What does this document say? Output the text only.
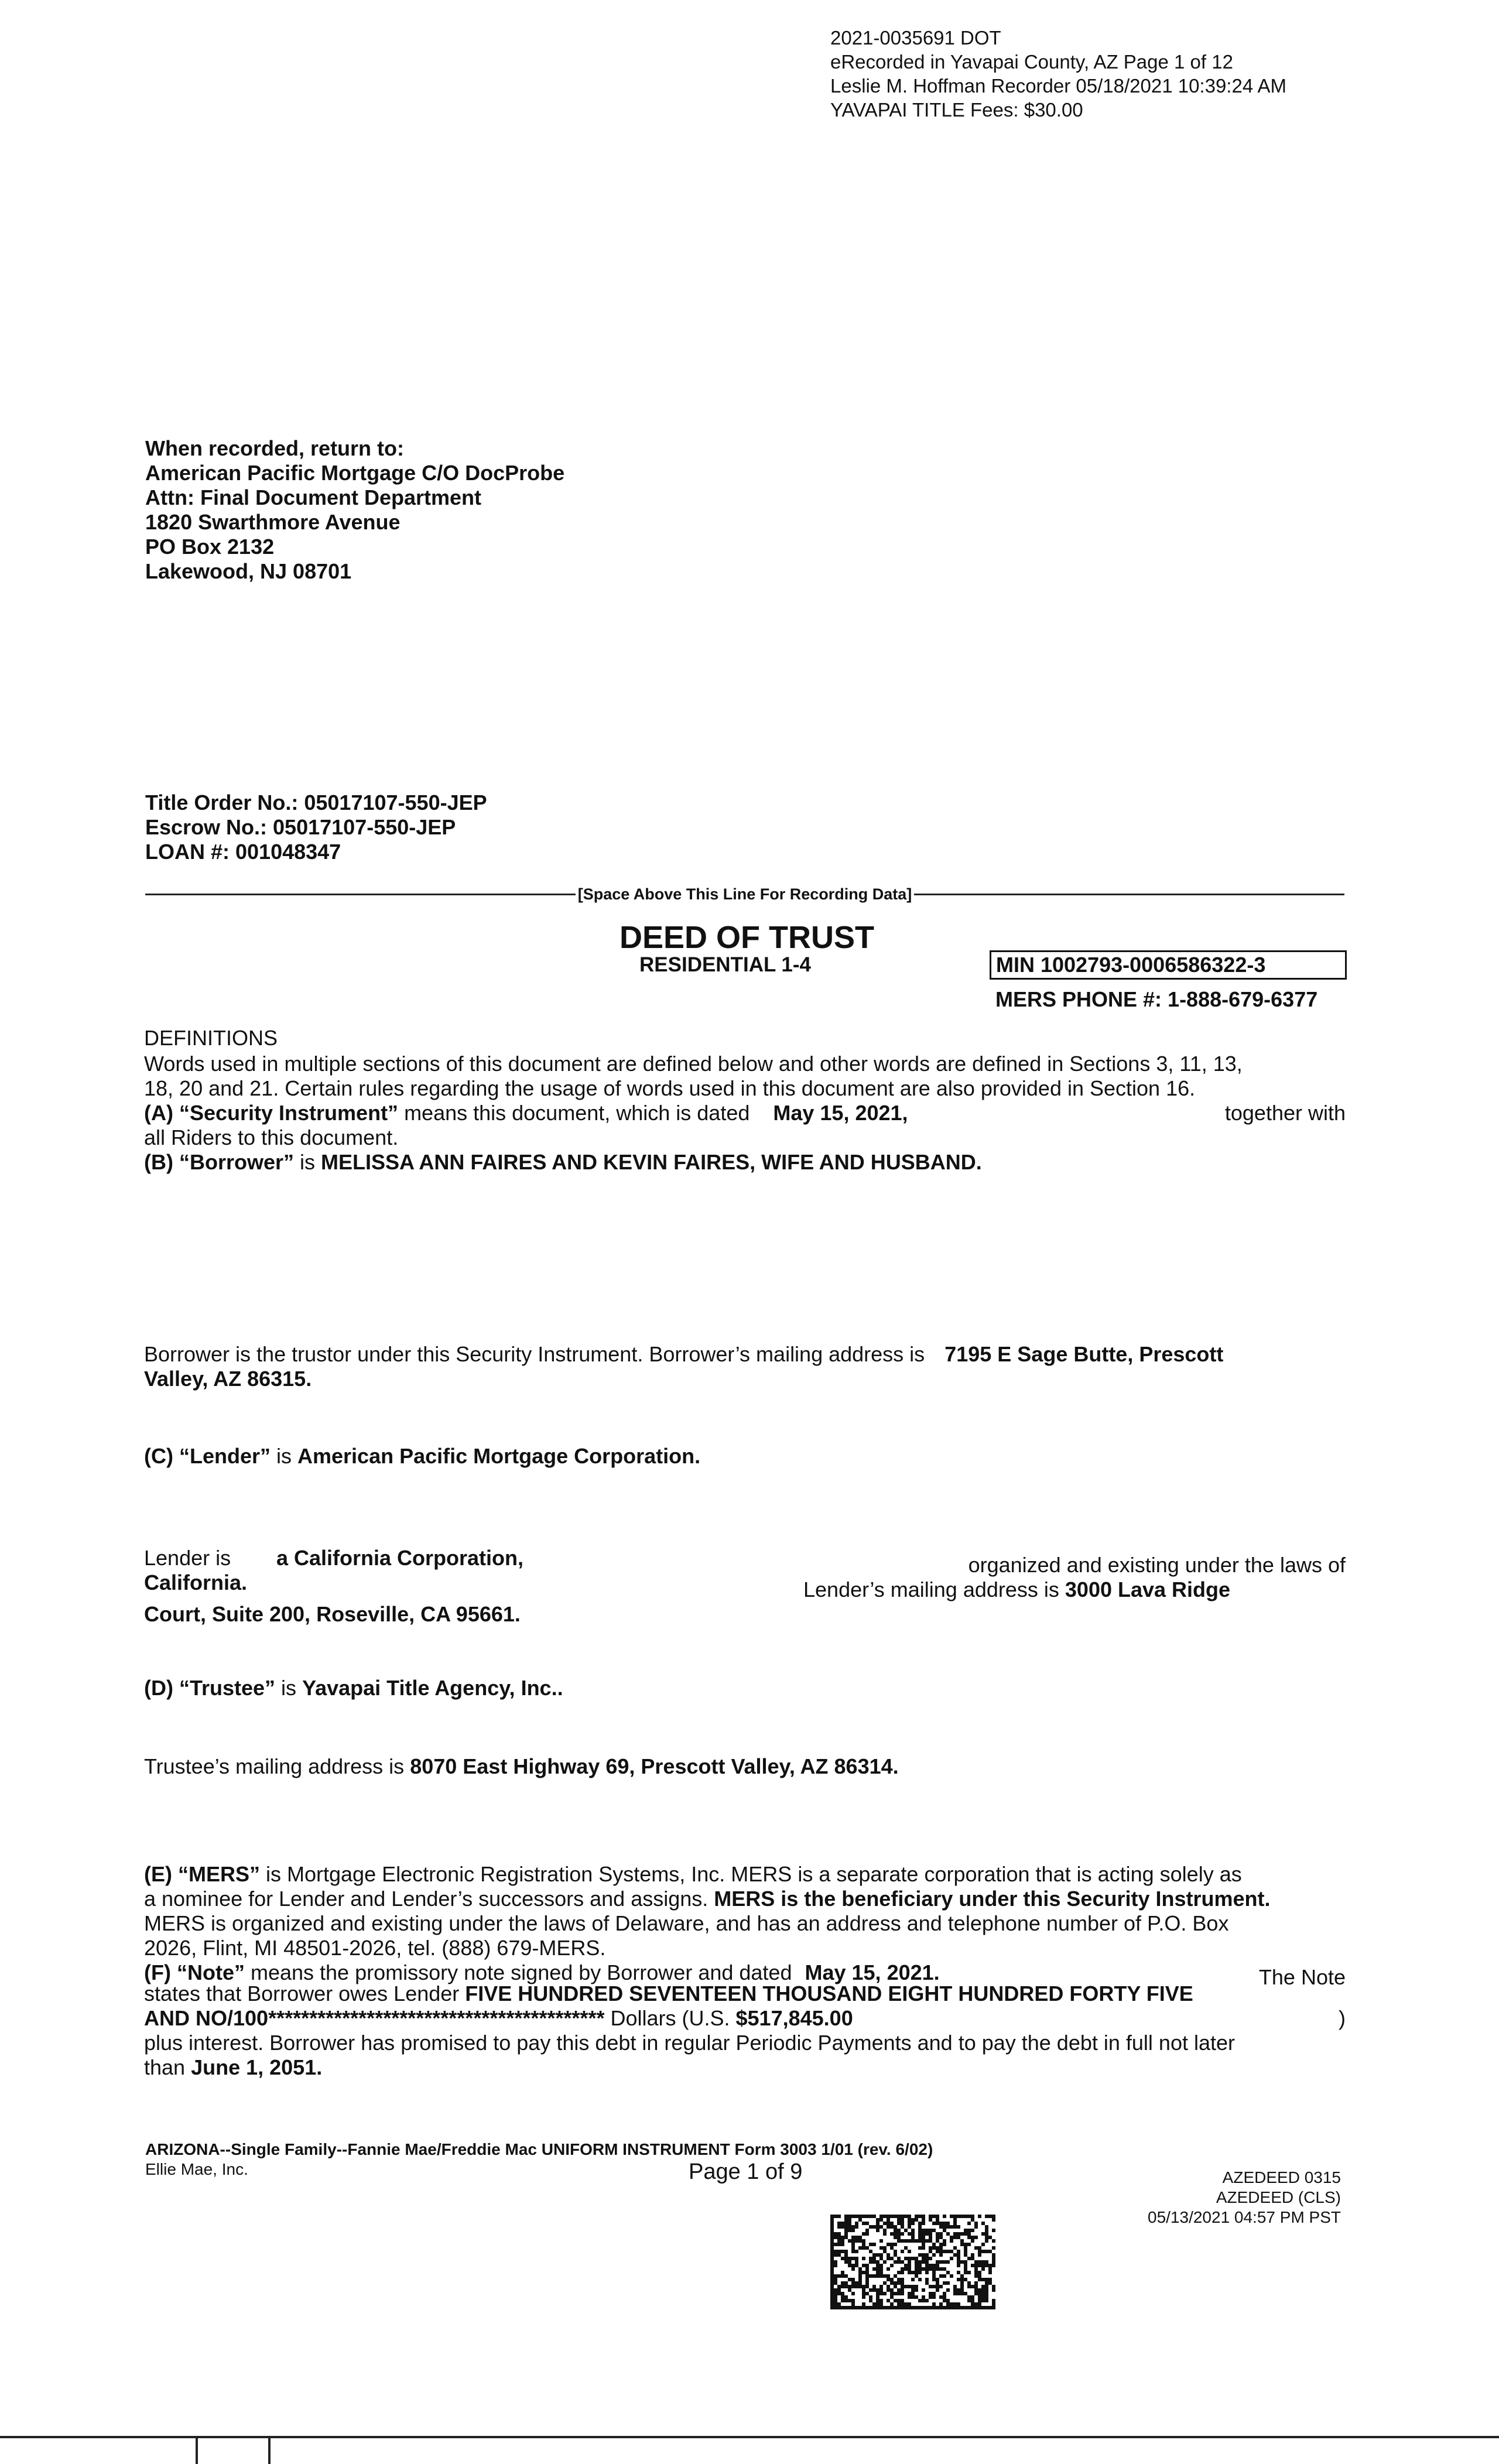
2021-0035691 DOT
eRecorded in Yavapai County, AZ Page 1 of 12
Leslie M. Hoffman Recorder 05/18/2021 10:39:24 AM
YAVAPAI TITLE Fees: $30.00
When recorded, return to:
American Pacific Mortgage C/O DocProbe
Attn: Final Document Department
1820 Swarthmore Avenue
PO Box 2132
Lakewood, NJ 08701
Title Order No.: 05017107-550-JEP
Escrow No.: 05017107-550-JEP
LOAN #: 001048347
[Space Above This Line For Recording Data]
DEED OF TRUST
RESIDENTIAL 1-4	MIN 1002793-0006586322-3
MERS PHONE #: 1-888-679-6377
DEFINITIONS
Words used in multiple sections of this document are defined below and other words are defined in Sections 3, 11, 13,
18, 20 and 21. Certain rules regarding the usage of words used in this document are also provided in Section 16.
(A) “Security Instrument” means this document, which is dated May 15, 2021,	together with
all Riders to this document.
(B) “Borrower” is MELISSA ANN FAIRES AND KEVIN FAIRES, WIFE AND HUSBAND.
Borrower is the trustor under this Security Instrument. Borrower’s mailing address is 7195 E Sage Butte, Prescott
Valley, AZ 86315.
(C) “Lender” is American Pacific Mortgage Corporation.
Lender is a California Corporation,	organized and existing under the laws of
California.	Lender’s mailing address is 3000 Lava Ridge
Court, Suite 200, Roseville, CA 95661.
(D) “Trustee” is Yavapai Title Agency, Inc..
Trustee’s mailing address is 8070 East Highway 69, Prescott Valley, AZ 86314.
(E) “MERS” is Mortgage Electronic Registration Systems, Inc. MERS is a separate corporation that is acting solely as
a nominee for Lender and Lender’s successors and assigns. MERS is the beneficiary under this Security Instrument.
MERS is organized and existing under the laws of Delaware, and has an address and telephone number of P.O. Box
2026, Flint, MI 48501-2026, tel. (888) 679-MERS.
(F) “Note” means the promissory note signed by Borrower and dated May 15, 2021.	The Note
states that Borrower owes Lender FIVE HUNDRED SEVENTEEN THOUSAND EIGHT HUNDRED FORTY FIVE
AND NO/100***************************************** Dollars (U.S. $517,845.00	)
plus interest. Borrower has promised to pay this debt in regular Periodic Payments and to pay the debt in full not later
than June 1, 2051.
ARIZONA--Single Family--Fannie Mae/Freddie Mac UNIFORM INSTRUMENT Form 3003 1/01 (rev. 6/02)
Ellie Mae, Inc.	Page 1 of 9	AZEDEED 0315
AZEDEED (CLS)
05/13/2021 04:57 PM PST
